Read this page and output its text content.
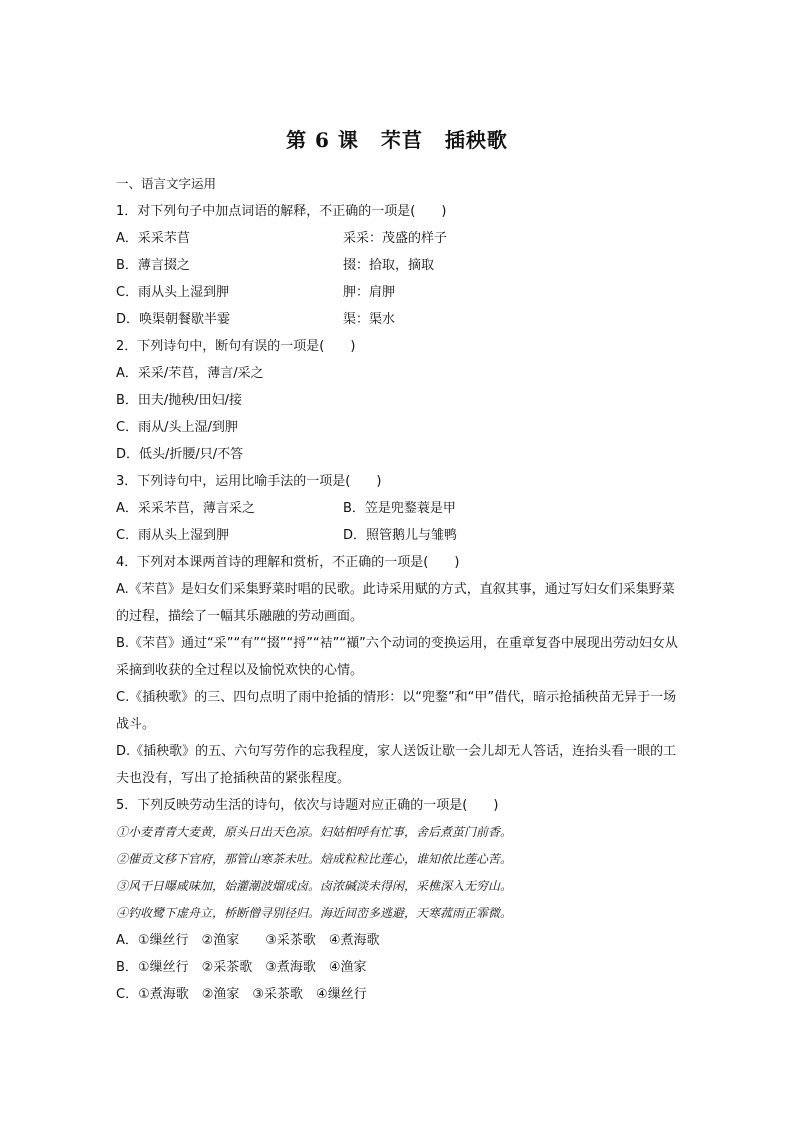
第 6 课 芣苢 插秧歌
一、语言文字运用
1．对下列句子中加点词语的解释，不正确的一项是(　　)
A．采采芣苢	采采：茂盛的样子
B．薄言掇之	掇：拾取，摘取
C．雨从头上湿到胛	胛：肩胛
D．唤渠朝餐歇半霎	渠：渠水
2．下列诗句中，断句有误的一项是(　　)
A．采采/芣苢，薄言/采之
B．田夫/抛秧/田妇/接
C．雨从/头上湿/到胛
D．低头/折腰/只/不答
3．下列诗句中，运用比喻手法的一项是(　　)
A．采采芣苢，薄言采之	B．笠是兜鍪蓑是甲
C．雨从头上湿到胛	D．照管鹅儿与雏鸭
4．下列对本课两首诗的理解和赏析，不正确的一项是(　　)
A.《芣苢》是妇女们采集野菜时唱的民歌。此诗采用赋的方式，直叙其事，通过写妇女们采集野菜的过程，描绘了一幅其乐融融的劳动画面。
B.《芣苢》通过“采”“有”“掇”“捋”“袺”“襭”六个动词的变换运用，在重章复沓中展现出劳动妇女从采摘到收获的全过程以及愉悦欢快的心情。
C.《插秧歌》的三、四句点明了雨中抢插的情形：以“兜鍪”和“甲”借代，暗示抢插秧苗无异于一场战斗。
D.《插秧歌》的五、六句写劳作的忘我程度，家人送饭让歇一会儿却无人答话，连抬头看一眼的工夫也没有，写出了抢插秧苗的紧张程度。
5．下列反映劳动生活的诗句，依次与诗题对应正确的一项是(　　)
①小麦青青大麦黄，原头日出天色凉。妇姑相呼有忙事，舍后煮茧门前香。
②催贡文移下官府，那管山寒茶未吐。焙成粒粒比莲心，谁知侬比莲心苦。
③风干日曝咸味加，始灌潮波熘成卤。卤浓碱淡未得闲，采樵深入无穷山。
④钓收鹭下虚舟立，桥断僧寻别径归。海近间峦多逃避，天寒菰雨正霏微。
A．①缫丝行　②渔家　　③采茶歌　④煮海歌
B．①缫丝行　②采茶歌　③煮海歌　④渔家
C．①煮海歌　②渔家　③采茶歌　④缫丝行
